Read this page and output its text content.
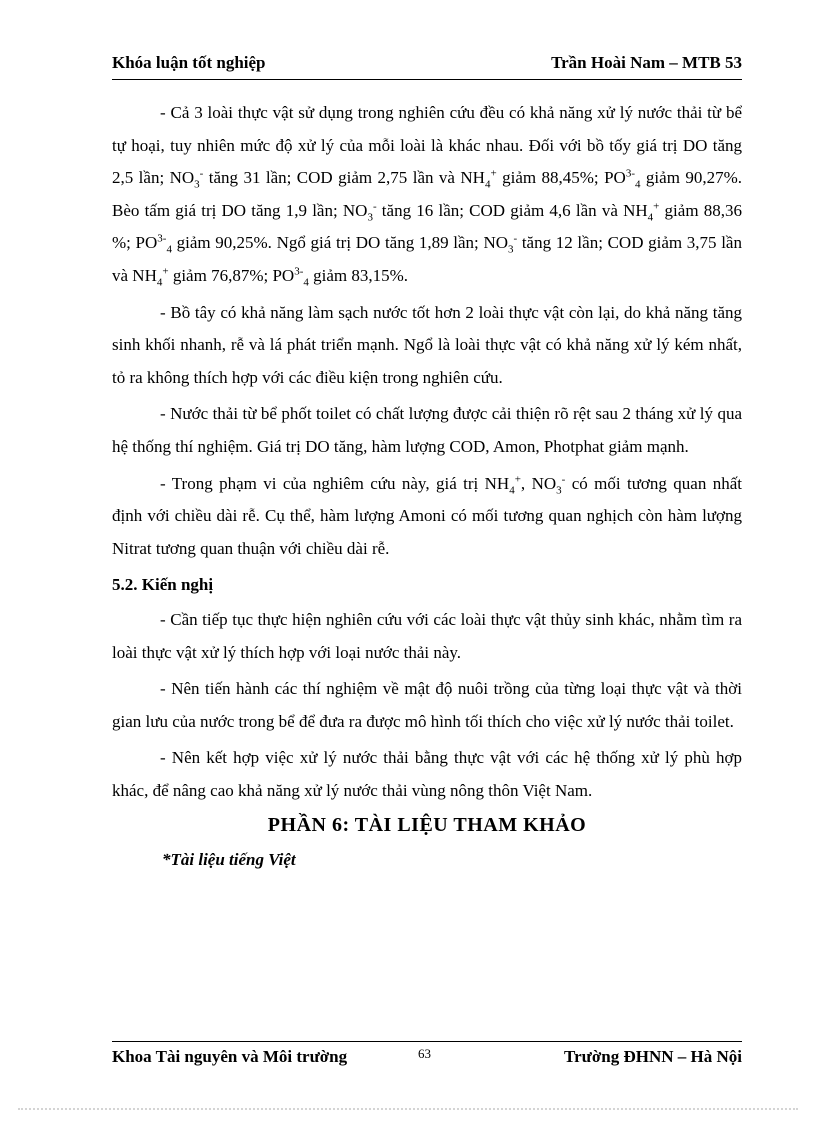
Khóa luận tốt nghiệp	Trần Hoài Nam – MTB 53

- Cả 3 loài thực vật sử dụng trong nghiên cứu đều có khả năng xử lý nước thải từ bể tự hoại, tuy nhiên mức độ xử lý của mỗi loài là khác nhau. Đối với bồ tốy giá trị DO tăng 2,5 lần; $NO_3^-$ tăng 31 lần; COD giảm 2,75 lần và $NH_4^+$ giảm 88,45%; $PO^{3-}_4$ giảm 90,27%. Bèo tấm giá trị DO tăng 1,9 lần; $NO_3^-$ tăng 16 lần; COD giảm 4,6 lần và $NH_4^+$ giảm 88,36 %; $PO^{3-}_4$ giảm 90,25%. Ngổ giá trị DO tăng 1,89 lần; $NO_3^-$ tăng 12 lần; COD giảm 3,75 lần và $NH_4^+$ giảm 76,87%; $PO^{3-}_4$ giảm 83,15%.

- Bồ tây có khả năng làm sạch nước tốt hơn 2 loài thực vật còn lại, do khả năng tăng sinh khối nhanh, rễ và lá phát triển mạnh. Ngổ là loài thực vật có khả năng xử lý kém nhất, tỏ ra không thích hợp với các điều kiện trong nghiên cứu.

- Nước thải từ bể phốt toilet có chất lượng được cải thiện rõ rệt sau 2 tháng xử lý qua hệ thống thí nghiệm. Giá trị DO tăng, hàm lượng COD, Amon, Photphat giảm mạnh.

- Trong phạm vi của nghiêm cứu này, giá trị $NH_4^+$, $NO_3^-$ có mối tương quan nhất định với chiều dài rễ. Cụ thể, hàm lượng Amoni có mối tương quan nghịch còn hàm lượng Nitrat tương quan thuận với chiều dài rễ.

5.2. Kiến nghị

- Cần tiếp tục thực hiện nghiên cứu với các loài thực vật thủy sinh khác, nhằm tìm ra loài thực vật xử lý thích hợp với loại nước thải này.

- Nên tiến hành các thí nghiệm về mật độ nuôi trồng của từng loại thực vật và thời gian lưu của nước trong bể để đưa ra được mô hình tối thích cho việc xử lý nước thải toilet.

- Nên kết hợp việc xử lý nước thải bằng thực vật với các hệ thống xử lý phù hợp khác, để nâng cao khả năng xử lý nước thải vùng nông thôn Việt Nam.

PHẦN 6: TÀI LIỆU THAM KHẢO
*Tài liệu tiếng Việt
Khoa Tài nguyên và Môi trường	Trường ĐHNN – Hà Nội
63
